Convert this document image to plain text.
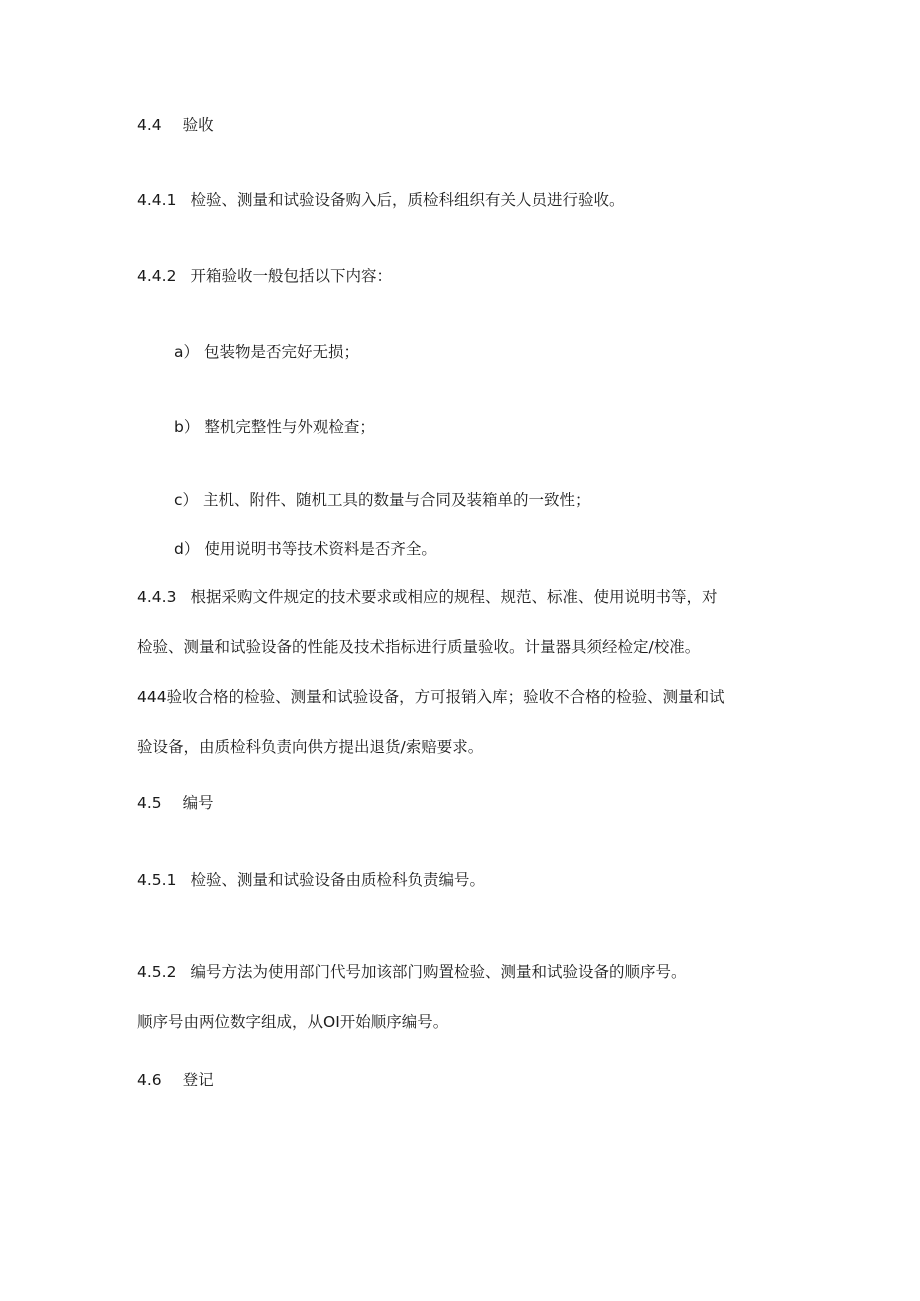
4.4 验收
4.4.1 检验、测量和试验设备购入后，质检科组织有关人员进行验收。
4.4.2 开箱验收一般包括以下内容：
a） 包装物是否完好无损；
b） 整机完整性与外观检查；
c） 主机、附件、随机工具的数量与合同及装箱单的一致性；
d） 使用说明书等技术资料是否齐全。
4.4.3 根据采购文件规定的技术要求或相应的规程、规范、标准、使用说明书等，对
检验、测量和试验设备的性能及技术指标进行质量验收。计量器具须经检定/校准。
444验收合格的检验、测量和试验设备，方可报销入库；验收不合格的检验、测量和试
验设备，由质检科负责向供方提出退货/索赔要求。
4.5 编号
4.5.1 检验、测量和试验设备由质检科负责编号。
4.5.2 编号方法为使用部门代号加该部门购置检验、测量和试验设备的顺序号。
顺序号由两位数字组成，从OI开始顺序编号。
4.6 登记
